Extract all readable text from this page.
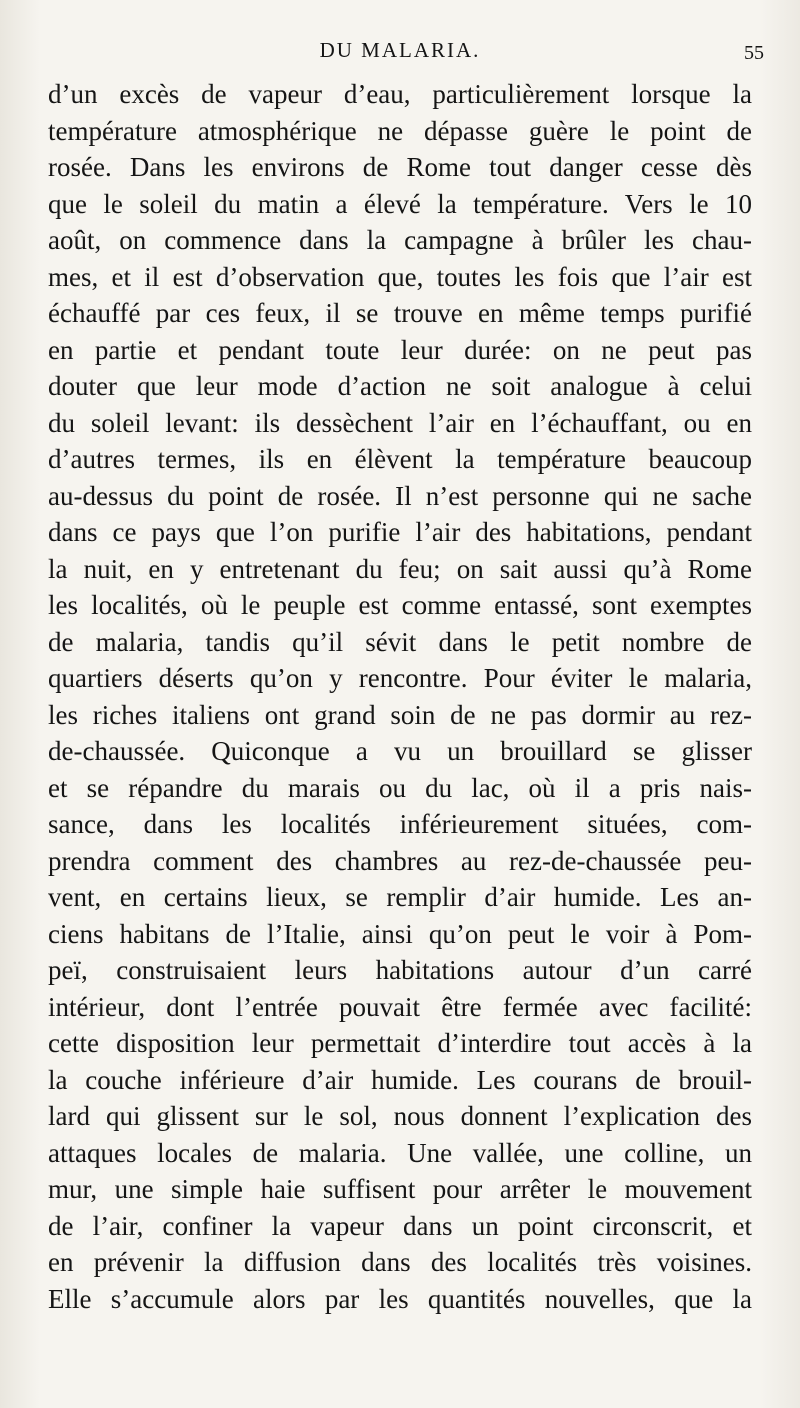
DU MALARIA.	55
d’un excès de vapeur d’eau, particulièrement lorsque la
température atmosphérique ne dépasse guère le point de
rosée. Dans les environs de Rome tout danger cesse dès
que le soleil du matin a élevé la température. Vers le 10
août, on commence dans la campagne à brûler les chau-
mes, et il est d’observation que, toutes les fois que l’air est
échauffé par ces feux, il se trouve en même temps purifié
en partie et pendant toute leur durée: on ne peut pas
douter que leur mode d’action ne soit analogue à celui
du soleil levant: ils dessèchent l’air en l’échauffant, ou en
d’autres termes, ils en élèvent la température beaucoup
au-dessus du point de rosée. Il n’est personne qui ne sache
dans ce pays que l’on purifie l’air des habitations, pendant
la nuit, en y entretenant du feu; on sait aussi qu’à Rome
les localités, où le peuple est comme entassé, sont exemptes
de malaria, tandis qu’il sévit dans le petit nombre de
quartiers déserts qu’on y rencontre. Pour éviter le malaria,
les riches italiens ont grand soin de ne pas dormir au rez-
de-chaussée. Quiconque a vu un brouillard se glisser
et se répandre du marais ou du lac, où il a pris nais-
sance, dans les localités inférieurement situées, com-
prendra comment des chambres au rez-de-chaussée peu-
vent, en certains lieux, se remplir d’air humide. Les an-
ciens habitans de l’Italie, ainsi qu’on peut le voir à Pom-
peï, construisaient leurs habitations autour d’un carré
intérieur, dont l’entrée pouvait être fermée avec facilité:
cette disposition leur permettait d’interdire tout accès à la
la couche inférieure d’air humide. Les courans de brouil-
lard qui glissent sur le sol, nous donnent l’explication des
attaques locales de malaria. Une vallée, une colline, un
mur, une simple haie suffisent pour arrêter le mouvement
de l’air, confiner la vapeur dans un point circonscrit, et
en prévenir la diffusion dans des localités très voisines.
Elle s’accumule alors par les quantités nouvelles, que la
